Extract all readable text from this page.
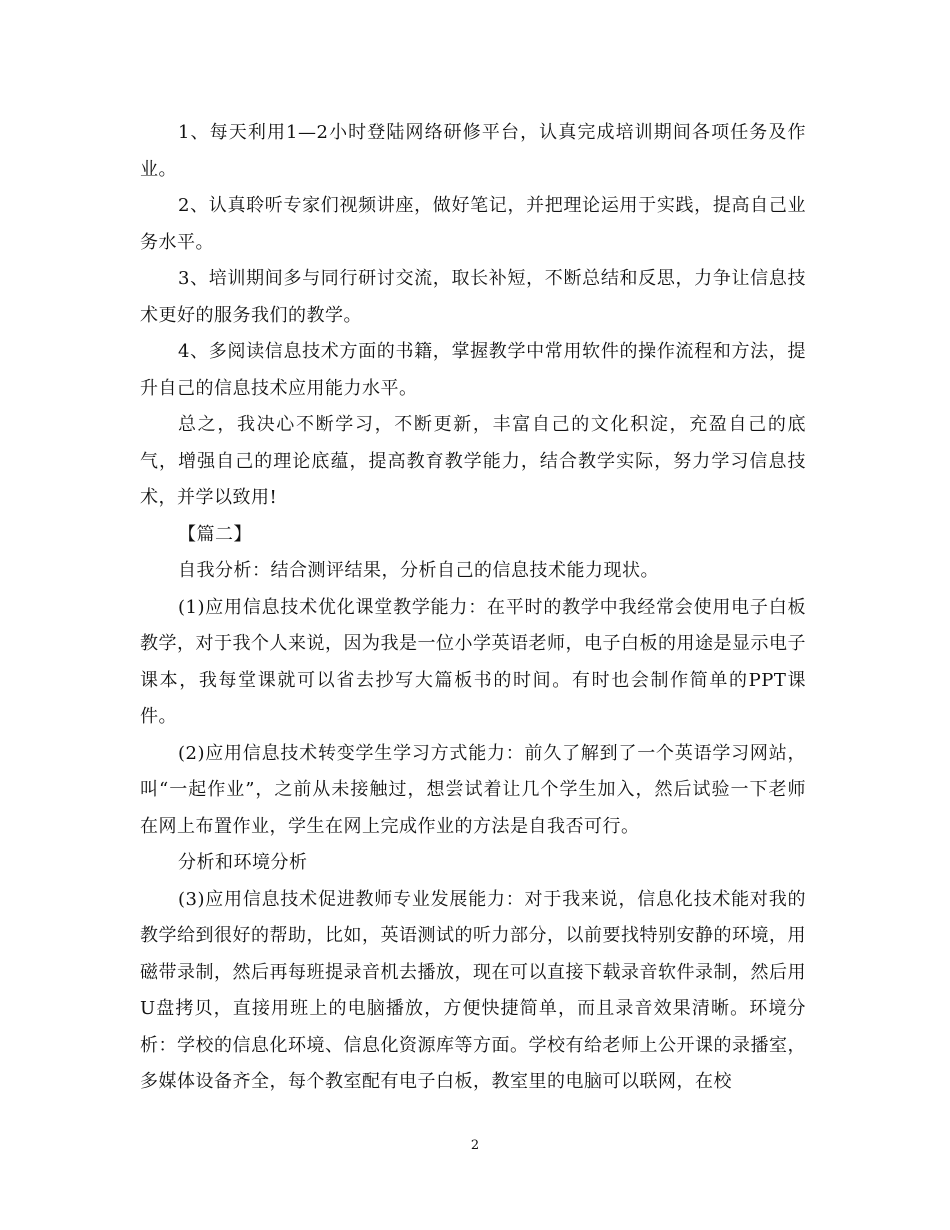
1、每天利用1—2小时登陆网络研修平台，认真完成培训期间各项任务及作业。

2、认真聆听专家们视频讲座，做好笔记，并把理论运用于实践，提高自己业务水平。

3、培训期间多与同行研讨交流，取长补短，不断总结和反思，力争让信息技术更好的服务我们的教学。

4、多阅读信息技术方面的书籍，掌握教学中常用软件的操作流程和方法，提升自己的信息技术应用能力水平。

总之，我决心不断学习，不断更新，丰富自己的文化积淀，充盈自己的底气，增强自己的理论底蕴，提高教育教学能力，结合教学实际，努力学习信息技术，并学以致用!

【篇二】

自我分析：结合测评结果，分析自己的信息技术能力现状。

(1)应用信息技术优化课堂教学能力：在平时的教学中我经常会使用电子白板教学，对于我个人来说，因为我是一位小学英语老师，电子白板的用途是显示电子课本，我每堂课就可以省去抄写大篇板书的时间。有时也会制作简单的PPT课件。

(2)应用信息技术转变学生学习方式能力：前久了解到了一个英语学习网站，叫“一起作业”，之前从未接触过，想尝试着让几个学生加入，然后试验一下老师在网上布置作业，学生在网上完成作业的方法是自我否可行。

分析和环境分析

(3)应用信息技术促进教师专业发展能力：对于我来说，信息化技术能对我的教学给到很好的帮助，比如，英语测试的听力部分，以前要找特别安静的环境，用磁带录制，然后再每班提录音机去播放，现在可以直接下载录音软件录制，然后用U盘拷贝，直接用班上的电脑播放，方便快捷简单，而且录音效果清晰。环境分析：学校的信息化环境、信息化资源库等方面。学校有给老师上公开课的录播室，多媒体设备齐全，每个教室配有电子白板，教室里的电脑可以联网，在校

2
